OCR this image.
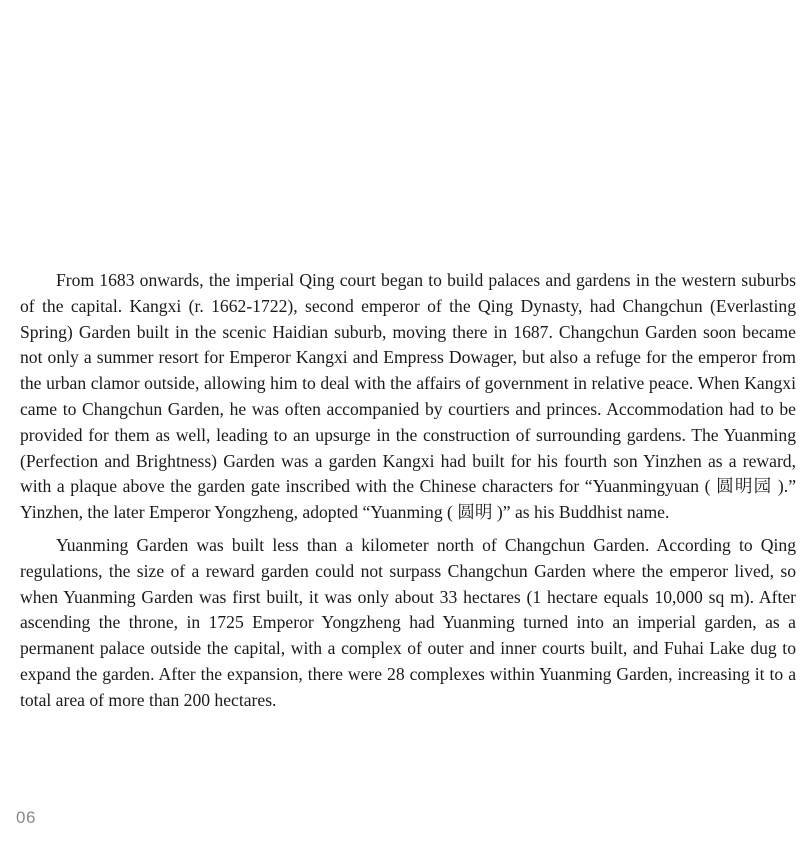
From 1683 onwards, the imperial Qing court began to build palaces and gardens in the western suburbs of the capital. Kangxi (r. 1662-1722), second emperor of the Qing Dynasty, had Changchun (Everlasting Spring) Garden built in the scenic Haidian suburb, moving there in 1687. Changchun Garden soon became not only a summer resort for Emperor Kangxi and Empress Dowager, but also a refuge for the emperor from the urban clamor outside, allowing him to deal with the affairs of government in relative peace. When Kangxi came to Changchun Garden, he was often accompanied by courtiers and princes. Accommodation had to be provided for them as well, leading to an upsurge in the construction of surrounding gardens. The Yuanming (Perfection and Brightness) Garden was a garden Kangxi had built for his fourth son Yinzhen as a reward, with a plaque above the garden gate inscribed with the Chinese characters for “Yuanmingyuan ( 圆明园 ).” Yinzhen, the later Emperor Yongzheng, adopted “Yuanming ( 圆明 )” as his Buddhist name.

Yuanming Garden was built less than a kilometer north of Changchun Garden. According to Qing regulations, the size of a reward garden could not surpass Changchun Garden where the emperor lived, so when Yuanming Garden was first built, it was only about 33 hectares (1 hectare equals 10,000 sq m). After ascending the throne, in 1725 Emperor Yongzheng had Yuanming turned into an imperial garden, as a permanent palace outside the capital, with a complex of outer and inner courts built, and Fuhai Lake dug to expand the garden. After the expansion, there were 28 complexes within Yuanming Garden, increasing it to a total area of more than 200 hectares.

06
